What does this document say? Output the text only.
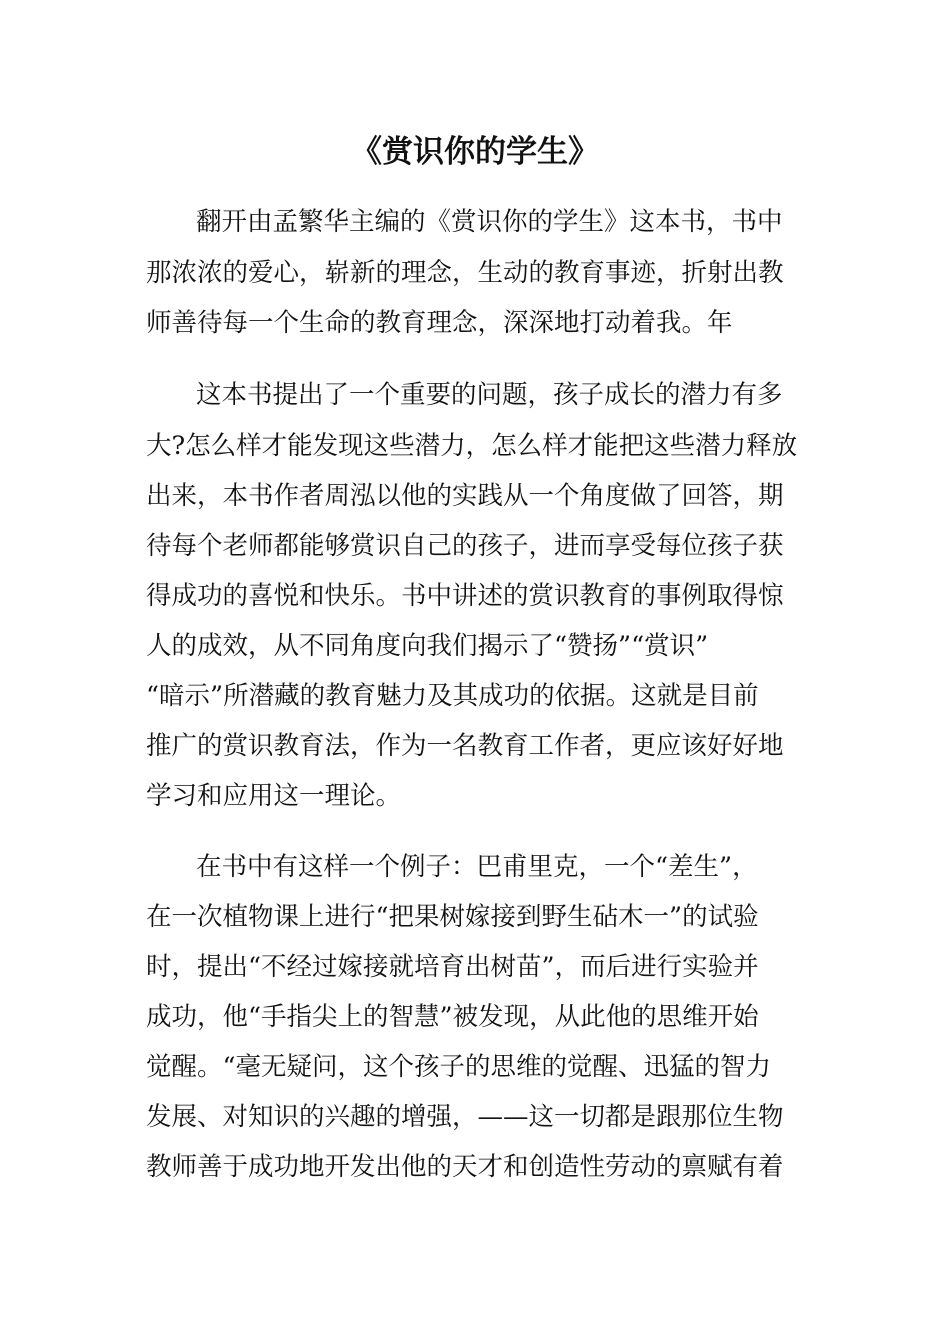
《赏识你的学生》

翻开由孟繁华主编的《赏识你的学生》这本书，书中

那浓浓的爱心，崭新的理念，生动的教育事迹，折射出教

师善待每一个生命的教育理念，深深地打动着我。年

这本书提出了一个重要的问题，孩子成长的潜力有多

大?怎么样才能发现这些潜力，怎么样才能把这些潜力释放

出来，本书作者周泓以他的实践从一个角度做了回答，期

待每个老师都能够赏识自己的孩子，进而享受每位孩子获

得成功的喜悦和快乐。书中讲述的赏识教育的事例取得惊

人的成效，从不同角度向我们揭示了“赞扬”“赏识”

“暗示”所潜藏的教育魅力及其成功的依据。这就是目前

推广的赏识教育法，作为一名教育工作者，更应该好好地

学习和应用这一理论。

在书中有这样一个例子：巴甫里克，一个“差生”，

在一次植物课上进行“把果树嫁接到野生砧木一”的试验

时，提出“不经过嫁接就培育出树苗”，而后进行实验并

成功，他“手指尖上的智慧”被发现，从此他的思维开始

觉醒。“毫无疑问，这个孩子的思维的觉醒、迅猛的智力

发展、对知识的兴趣的增强，——这一切都是跟那位生物

教师善于成功地开发出他的天才和创造性劳动的禀赋有着
